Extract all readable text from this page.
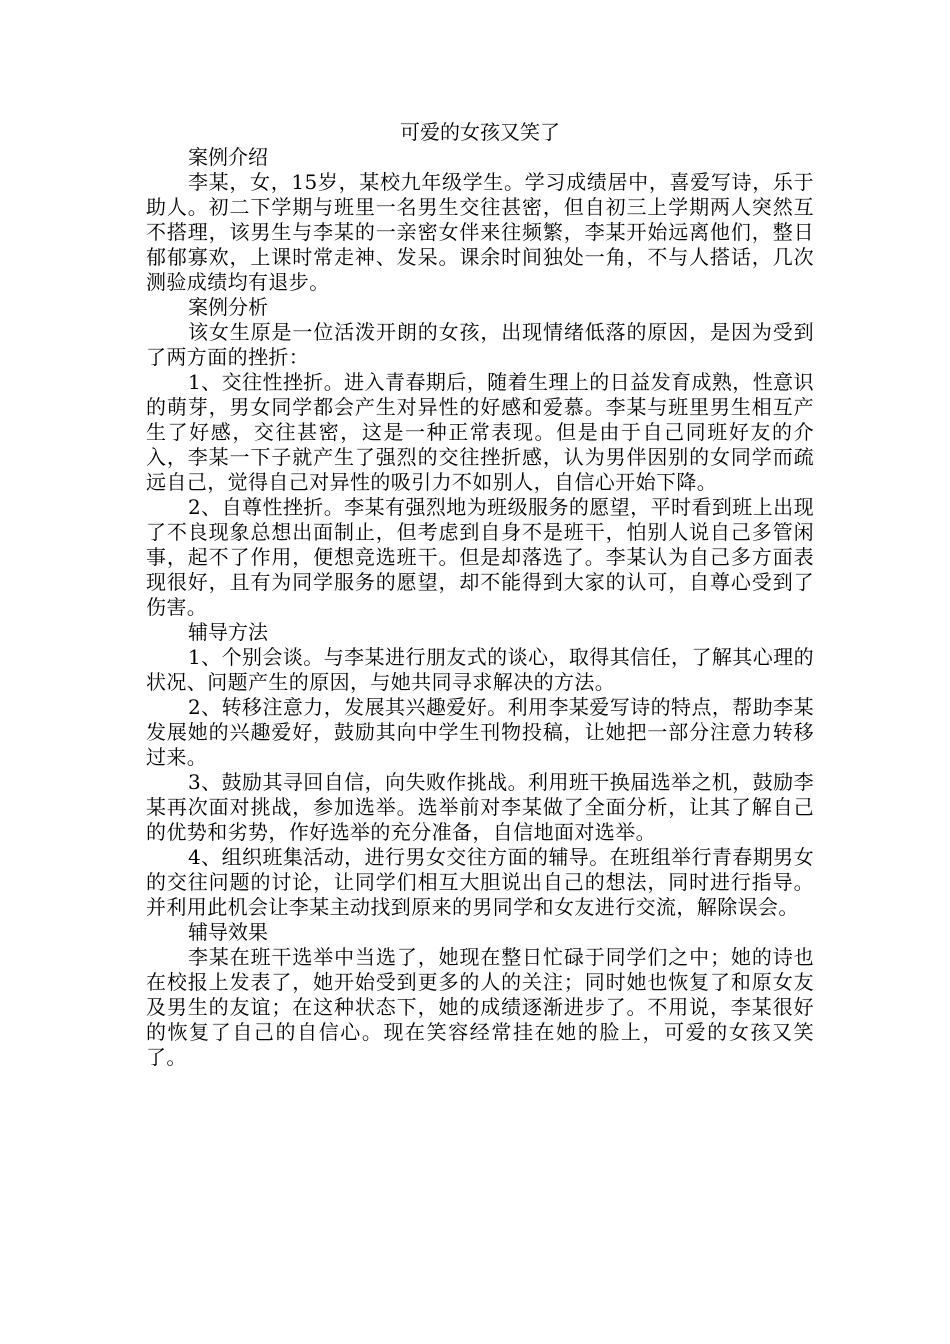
可爱的女孩又笑了
案例介绍

李某，女，15岁，某校九年级学生。学习成绩居中，喜爱写诗，乐于助人。初二下学期与班里一名男生交往甚密，但自初三上学期两人突然互不搭理，该男生与李某的一亲密女伴来往频繁，李某开始远离他们，整日郁郁寡欢，上课时常走神、发呆。课余时间独处一角，不与人搭话，几次测验成绩均有退步。

案例分析

该女生原是一位活泼开朗的女孩，出现情绪低落的原因，是因为受到了两方面的挫折：

1、交往性挫折。进入青春期后，随着生理上的日益发育成熟，性意识的萌芽，男女同学都会产生对异性的好感和爱慕。李某与班里男生相互产生了好感，交往甚密，这是一种正常表现。但是由于自己同班好友的介入，李某一下子就产生了强烈的交往挫折感，认为男伴因别的女同学而疏远自己，觉得自己对异性的吸引力不如别人，自信心开始下降。

2、自尊性挫折。李某有强烈地为班级服务的愿望，平时看到班上出现了不良现象总想出面制止，但考虑到自身不是班干，怕别人说自己多管闲事，起不了作用，便想竞选班干。但是却落选了。李某认为自己多方面表现很好，且有为同学服务的愿望，却不能得到大家的认可，自尊心受到了伤害。

辅导方法

1、个别会谈。与李某进行朋友式的谈心，取得其信任，了解其心理的状况、问题产生的原因，与她共同寻求解决的方法。

2、转移注意力，发展其兴趣爱好。利用李某爱写诗的特点，帮助李某发展她的兴趣爱好，鼓励其向中学生刊物投稿，让她把一部分注意力转移过来。

3、鼓励其寻回自信，向失败作挑战。利用班干换届选举之机，鼓励李某再次面对挑战，参加选举。选举前对李某做了全面分析，让其了解自己的优势和劣势，作好选举的充分准备，自信地面对选举。

4、组织班集活动，进行男女交往方面的辅导。在班组举行青春期男女的交往问题的讨论，让同学们相互大胆说出自己的想法，同时进行指导。并利用此机会让李某主动找到原来的男同学和女友进行交流，解除误会。

辅导效果

李某在班干选举中当选了，她现在整日忙碌于同学们之中；她的诗也在校报上发表了，她开始受到更多的人的关注；同时她也恢复了和原女友及男生的友谊；在这种状态下，她的成绩逐渐进步了。不用说，李某很好的恢复了自己的自信心。现在笑容经常挂在她的脸上，可爱的女孩又笑了。
